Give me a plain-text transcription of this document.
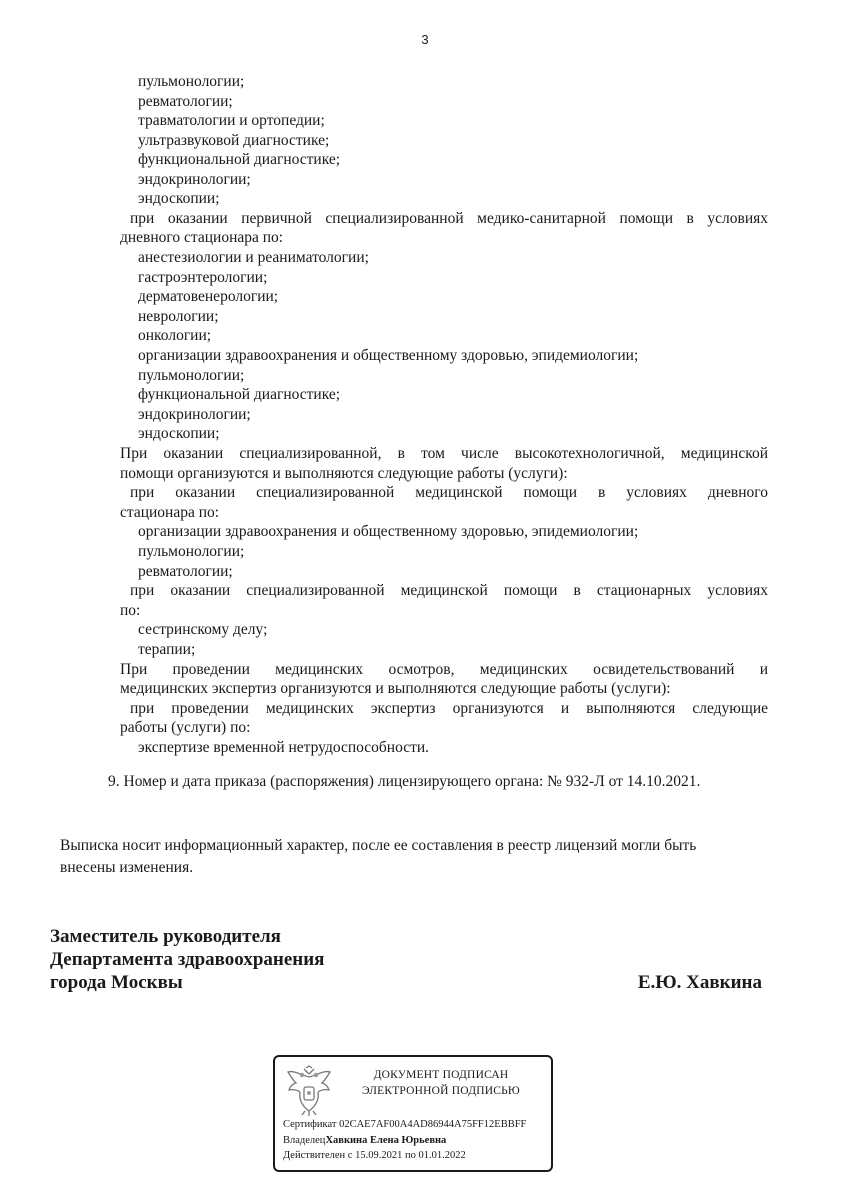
3
пульмонологии;
ревматологии;
травматологии и ортопедии;
ультразвуковой диагностике;
функциональной диагностике;
эндокринологии;
эндоскопии;
при оказании первичной специализированной медико-санитарной помощи в условиях
дневного стационара по:
анестезиологии и реаниматологии;
гастроэнтерологии;
дерматовенерологии;
неврологии;
онкологии;
организации здравоохранения и общественному здоровью, эпидемиологии;
пульмонологии;
функциональной диагностике;
эндокринологии;
эндоскопии;
При оказании специализированной, в том числе высокотехнологичной, медицинской
помощи организуются и выполняются следующие работы (услуги):
при оказании специализированной медицинской помощи в условиях дневного
стационара по:
организации здравоохранения и общественному здоровью, эпидемиологии;
пульмонологии;
ревматологии;
при оказании специализированной медицинской помощи в стационарных условиях
по:
сестринскому делу;
терапии;
При проведении медицинских осмотров, медицинских освидетельствований и
медицинских экспертиз организуются и выполняются следующие работы (услуги):
при проведении медицинских экспертиз организуются и выполняются следующие
работы (услуги) по:
экспертизе временной нетрудоспособности.
9. Номер и дата приказа (распоряжения) лицензирующего органа: № 932-Л от 14.10.2021.
Выписка носит информационный характер, после ее составления в реестр лицензий могли быть
внесены изменения.
Заместитель руководителя
Департамента здравоохранения
города Москвы	Е.Ю. Хавкина
ДОКУМЕНТ ПОДПИСАН
ЭЛЕКТРОННОЙ ПОДПИСЬЮ
Сертификат 02CAE7AF00A4AD86944A75FF12EBBFF
ВладелецХавкина Елена Юрьевна
Действителен с 15.09.2021 по 01.01.2022
